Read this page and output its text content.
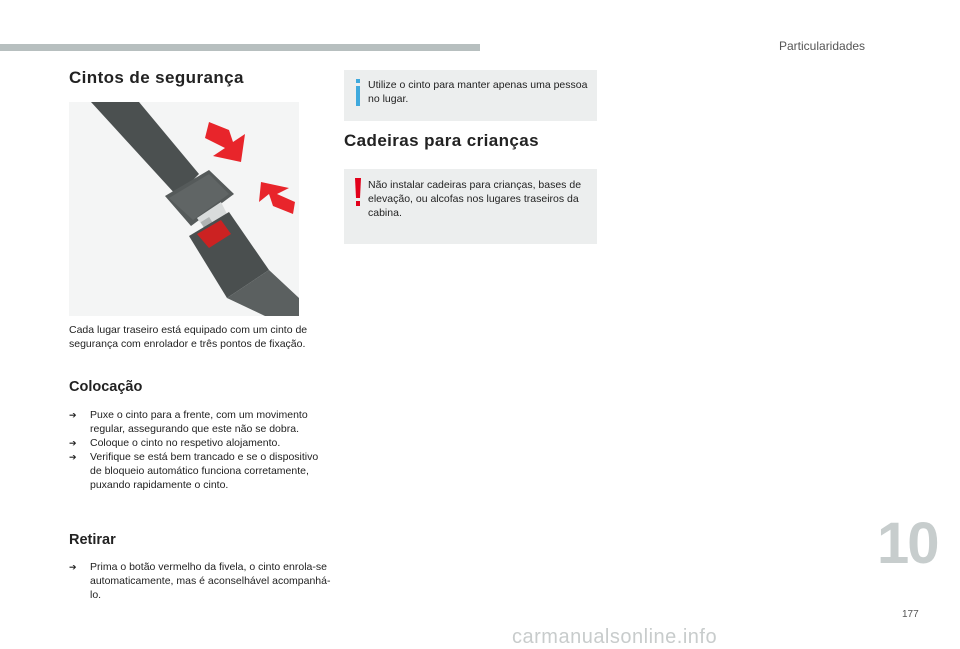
Particularidades
Cintos de segurança

Cada lugar traseiro está equipado com um cinto de segurança com enrolador e três pontos de fixação.

Colocação
➔ Puxe o cinto para a frente, com um movimento regular, assegurando que este não se dobra.
➔ Coloque o cinto no respetivo alojamento.
➔ Verifique se está bem trancado e se o dispositivo de bloqueio automático funciona corretamente, puxando rapidamente o cinto.
Retirar
➔ Prima o botão vermelho da fivela, o cinto enrola-se automaticamente, mas é aconselhável acompanhá-lo.
Utilize o cinto para manter apenas uma pessoa no lugar.
Cadeiras para crianças
Não instalar cadeiras para crianças, bases de elevação, ou alcofas nos lugares traseiros da cabina.
10
177
carmanualsonline.info
